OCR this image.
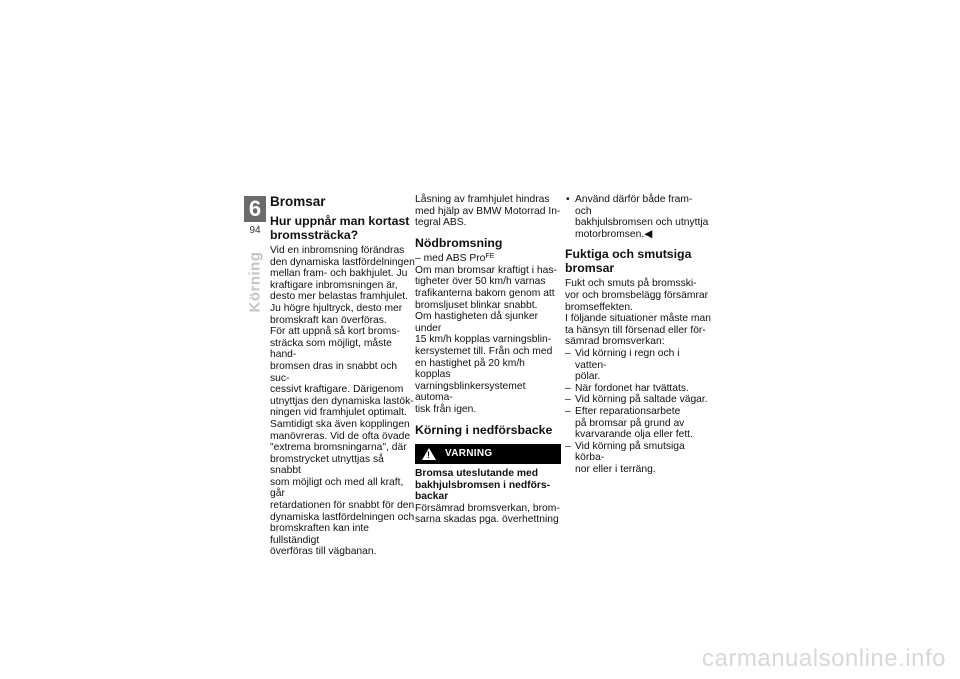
6
94
Körning
Bromsar
Hur uppnår man kortast bromssträcka?

Vid en inbromsning förändras

den dynamiska lastfördelningen

mellan fram- och bakhjulet. Ju

kraftigare inbromsningen är,

desto mer belastas framhjulet.

Ju högre hjultryck, desto mer

bromskraft kan överföras.

För att uppnå så kort broms-

sträcka som möjligt, måste hand-

bromsen dras in snabbt och suc-

cessivt kraftigare. Därigenom

utnyttjas den dynamiska lastök-

ningen vid framhjulet optimalt.

Samtidigt ska även kopplingen

manövreras. Vid de ofta övade

"extrema bromsningarna", där

bromstrycket utnyttjas så snabbt

som möjligt och med all kraft, går

retardationen för snabbt för den

dynamiska lastfördelningen och

bromskraften kan inte fullständigt

överföras till vägbanan.

Låsning av framhjulet hindras

med hjälp av BMW Motorrad In-

tegral ABS.

Nödbromsning

– med ABS Pro$^{FE}$

Om man bromsar kraftigt i has-

tigheter över 50 km/h varnas

trafikanterna bakom genom att

bromsljuset blinkar snabbt.

Om hastigheten då sjunker under

15 km/h kopplas varningsblin-

kersystemet till. Från och med

en hastighet på 20 km/h kopplas

varningsblinkersystemet automa-

tisk från igen.

Körning i nedförsbacke
!
VARNING

Bromsa uteslutande med

bakhjulsbromsen i nedförs-

backar

Försämrad bromsverkan, brom-

sarna skadas pga. överhettning

• Använd därför både fram- och
bakhjulsbromsen och utnyttja
motorbromsen.◀
Fuktiga och smutsiga bromsar

Fukt och smuts på bromsski-

vor och bromsbelägg försämrar

bromseffekten.

I följande situationer måste man

ta hänsyn till försenad eller för-

sämrad bromsverkan:

– Vid körning i regn och i vatten-
pölar.
– När fordonet har tvättats.
– Vid körning på saltade vägar.
– Efter reparationsarbete
på bromsar på grund av
kvarvarande olja eller fett.
– Vid körning på smutsiga körba-
nor eller i terräng.
carmanualsonline.info
